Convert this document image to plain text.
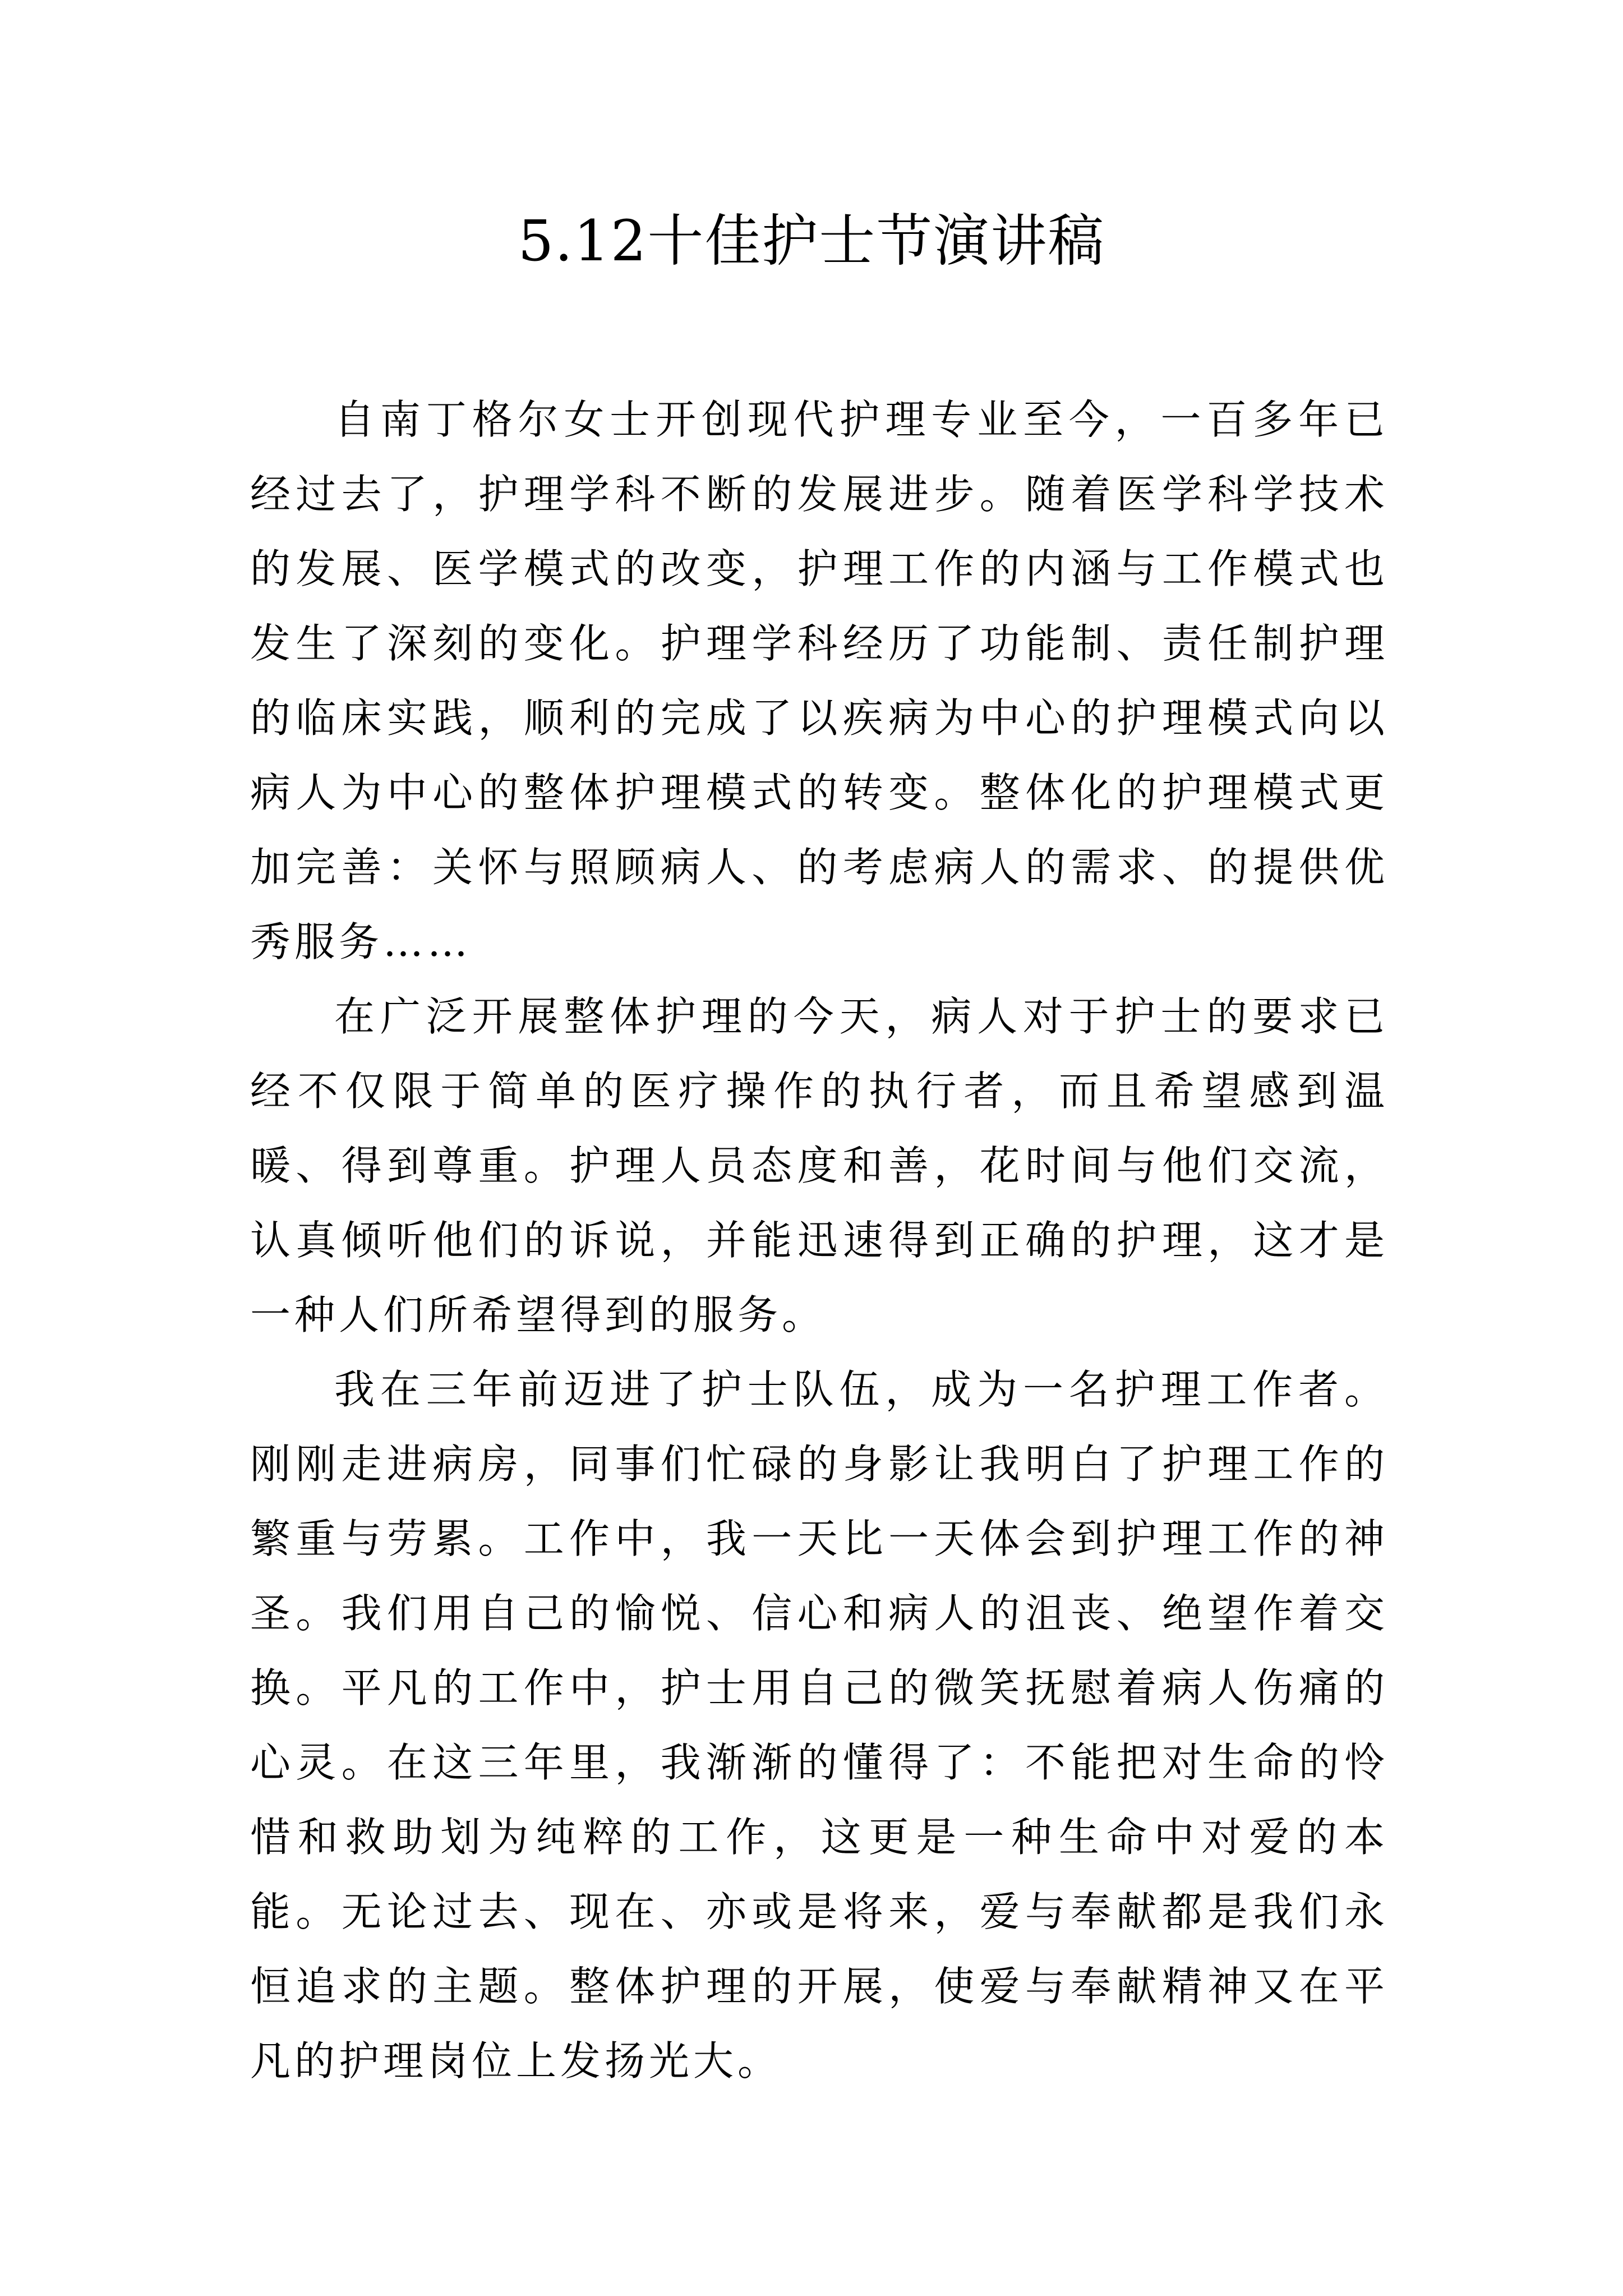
5.12十佳护士节演讲稿

自南丁格尔女士开创现代护理专业至今，一百多年已经过去了，护理学科不断的发展进步。随着医学科学技术的发展、医学模式的改变，护理工作的内涵与工作模式也发生了深刻的变化。护理学科经历了功能制、责任制护理的临床实践，顺利的完成了以疾病为中心的护理模式向以病人为中心的整体护理模式的转变。整体化的护理模式更加完善：关怀与照顾病人、的考虑病人的需求、的提供优秀服务……

在广泛开展整体护理的今天，病人对于护士的要求已经不仅限于简单的医疗操作的执行者，而且希望感到温暖、得到尊重。护理人员态度和善，花时间与他们交流，认真倾听他们的诉说，并能迅速得到正确的护理，这才是一种人们所希望得到的服务。

我在三年前迈进了护士队伍，成为一名护理工作者。刚刚走进病房，同事们忙碌的身影让我明白了护理工作的繁重与劳累。工作中，我一天比一天体会到护理工作的神圣。我们用自己的愉悦、信心和病人的沮丧、绝望作着交换。平凡的工作中，护士用自己的微笑抚慰着病人伤痛的心灵。在这三年里，我渐渐的懂得了：不能把对生命的怜惜和救助划为纯粹的工作，这更是一种生命中对爱的本能。无论过去、现在、亦或是将来，爱与奉献都是我们永恒追求的主题。整体护理的开展，使爱与奉献精神又在平凡的护理岗位上发扬光大。
